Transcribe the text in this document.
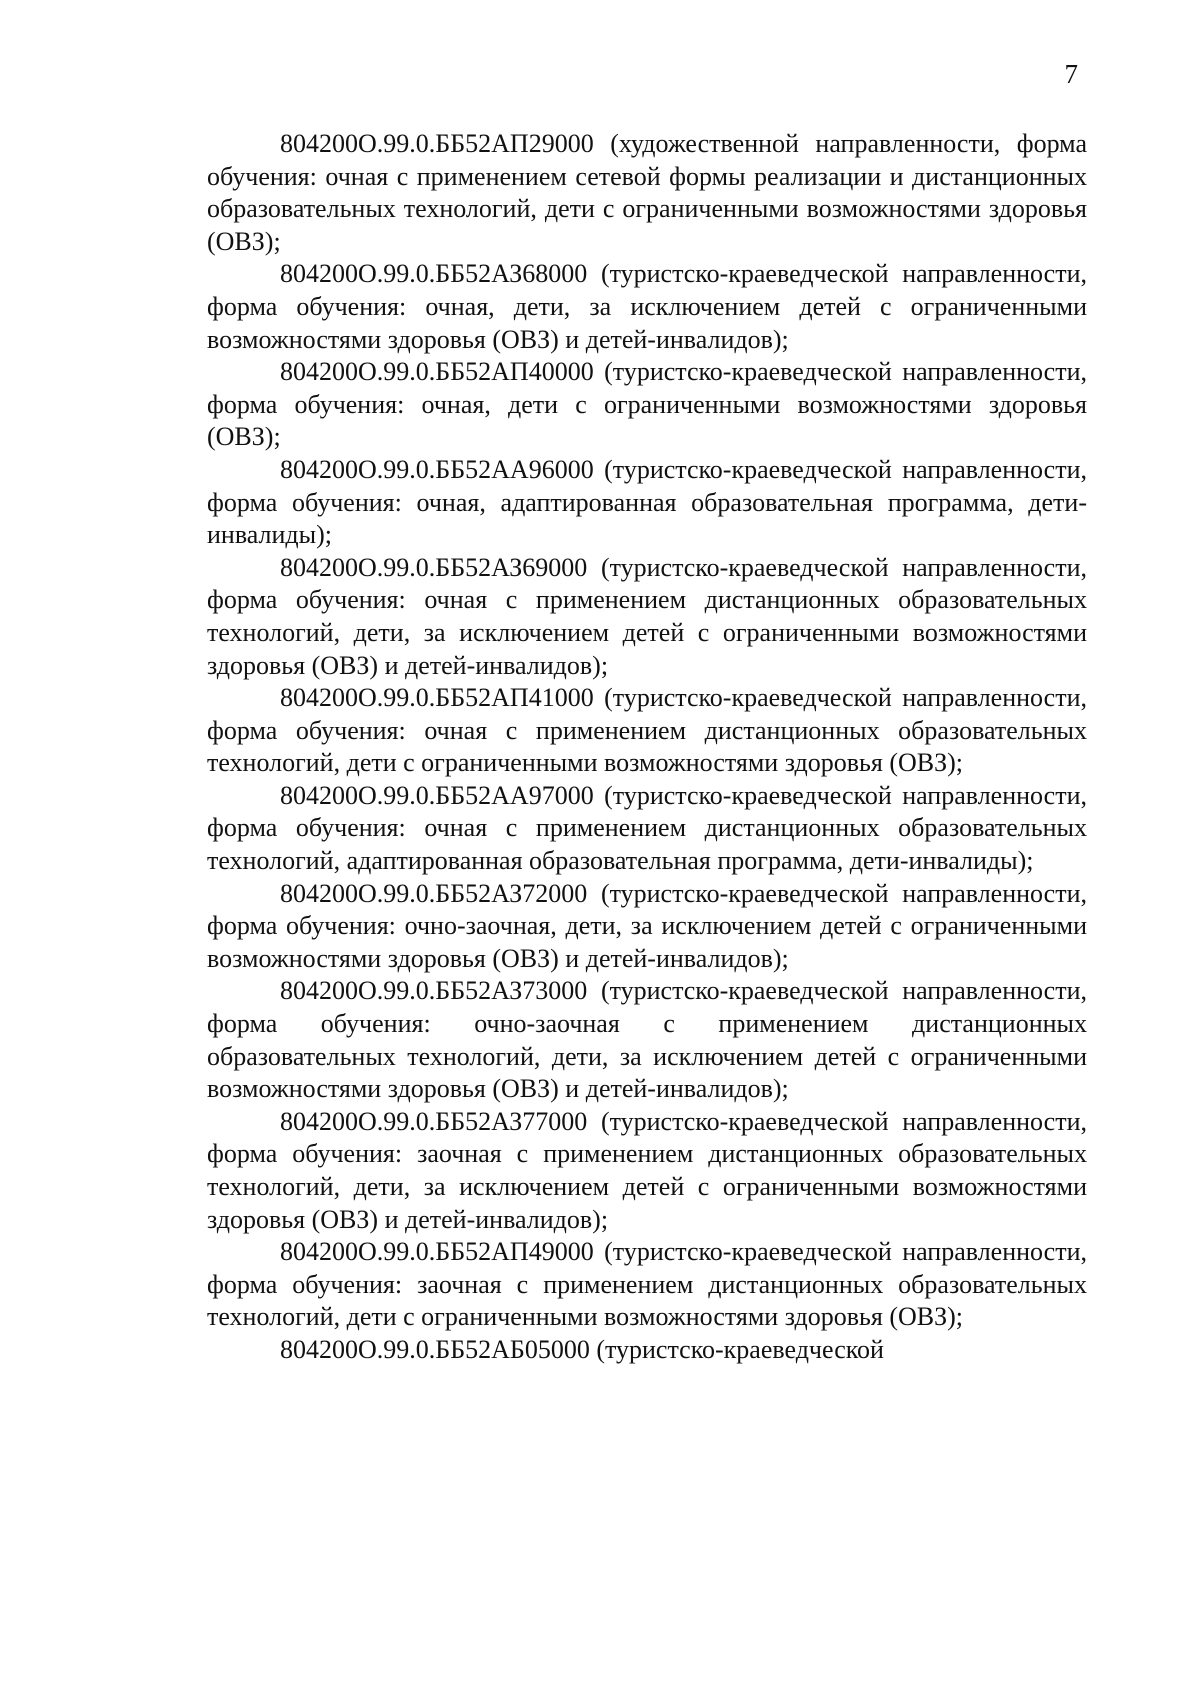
7

804200О.99.0.ББ52АП29000 (художественной направленности, форма обучения: очная с применением сетевой формы реализации и дистанционных образовательных технологий, дети с ограниченными возможностями здоровья (ОВЗ);

804200О.99.0.ББ52АЗ68000 (туристско-краеведческой направленности, форма обучения: очная, дети, за исключением детей с ограниченными возможностями здоровья (ОВЗ) и детей-инвалидов);

804200О.99.0.ББ52АП40000 (туристско-краеведческой направленности, форма обучения: очная, дети с ограниченными возможностями здоровья (ОВЗ);

804200О.99.0.ББ52АА96000 (туристско-краеведческой направленности, форма обучения: очная, адаптированная образовательная программа, дети-инвалиды);

804200О.99.0.ББ52АЗ69000 (туристско-краеведческой направленности, форма обучения: очная с применением дистанционных образовательных технологий, дети, за исключением детей с ограниченными возможностями здоровья (ОВЗ) и детей-инвалидов);

804200О.99.0.ББ52АП41000 (туристско-краеведческой направленности, форма обучения: очная с применением дистанционных образовательных технологий, дети с ограниченными возможностями здоровья (ОВЗ);

804200О.99.0.ББ52АА97000 (туристско-краеведческой направленности, форма обучения: очная с применением дистанционных образовательных технологий, адаптированная образовательная программа, дети-инвалиды);

804200О.99.0.ББ52АЗ72000 (туристско-краеведческой направленности, форма обучения: очно-заочная, дети, за исключением детей с ограниченными возможностями здоровья (ОВЗ) и детей-инвалидов);

804200О.99.0.ББ52АЗ73000 (туристско-краеведческой направленности, форма обучения: очно-заочная с применением дистанционных образовательных технологий, дети, за исключением детей с ограниченными возможностями здоровья (ОВЗ) и детей-инвалидов);

804200О.99.0.ББ52АЗ77000 (туристско-краеведческой направленности, форма обучения: заочная с применением дистанционных образовательных технологий, дети, за исключением детей с ограниченными возможностями здоровья (ОВЗ) и детей-инвалидов);

804200О.99.0.ББ52АП49000 (туристско-краеведческой направленности, форма обучения: заочная с применением дистанционных образовательных технологий, дети с ограниченными возможностями здоровья (ОВЗ);

804200О.99.0.ББ52АБ05000 (туристско-краеведческой
